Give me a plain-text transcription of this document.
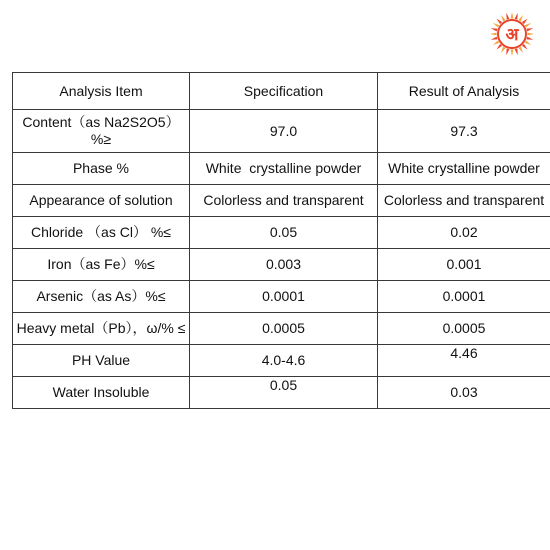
अ
Analysis Item	Specification	Result of Analysis
Content（as Na2S2O5） %≥	97.0	97.3
Phase %	White  crystalline powder	White crystalline powder
Appearance of solution	Colorless and transparent	Colorless and transparent
Chloride （as Cl） %≤	0.05	0.02
Iron（as Fe）%≤	0.003	0.001
Arsenic（as As）%≤	0.0001	0.0001
Heavy metal（Pb），ω/% ≤	0.0005	0.0005
PH Value	4.0-4.6	4.46
Water Insoluble	0.05	0.03
